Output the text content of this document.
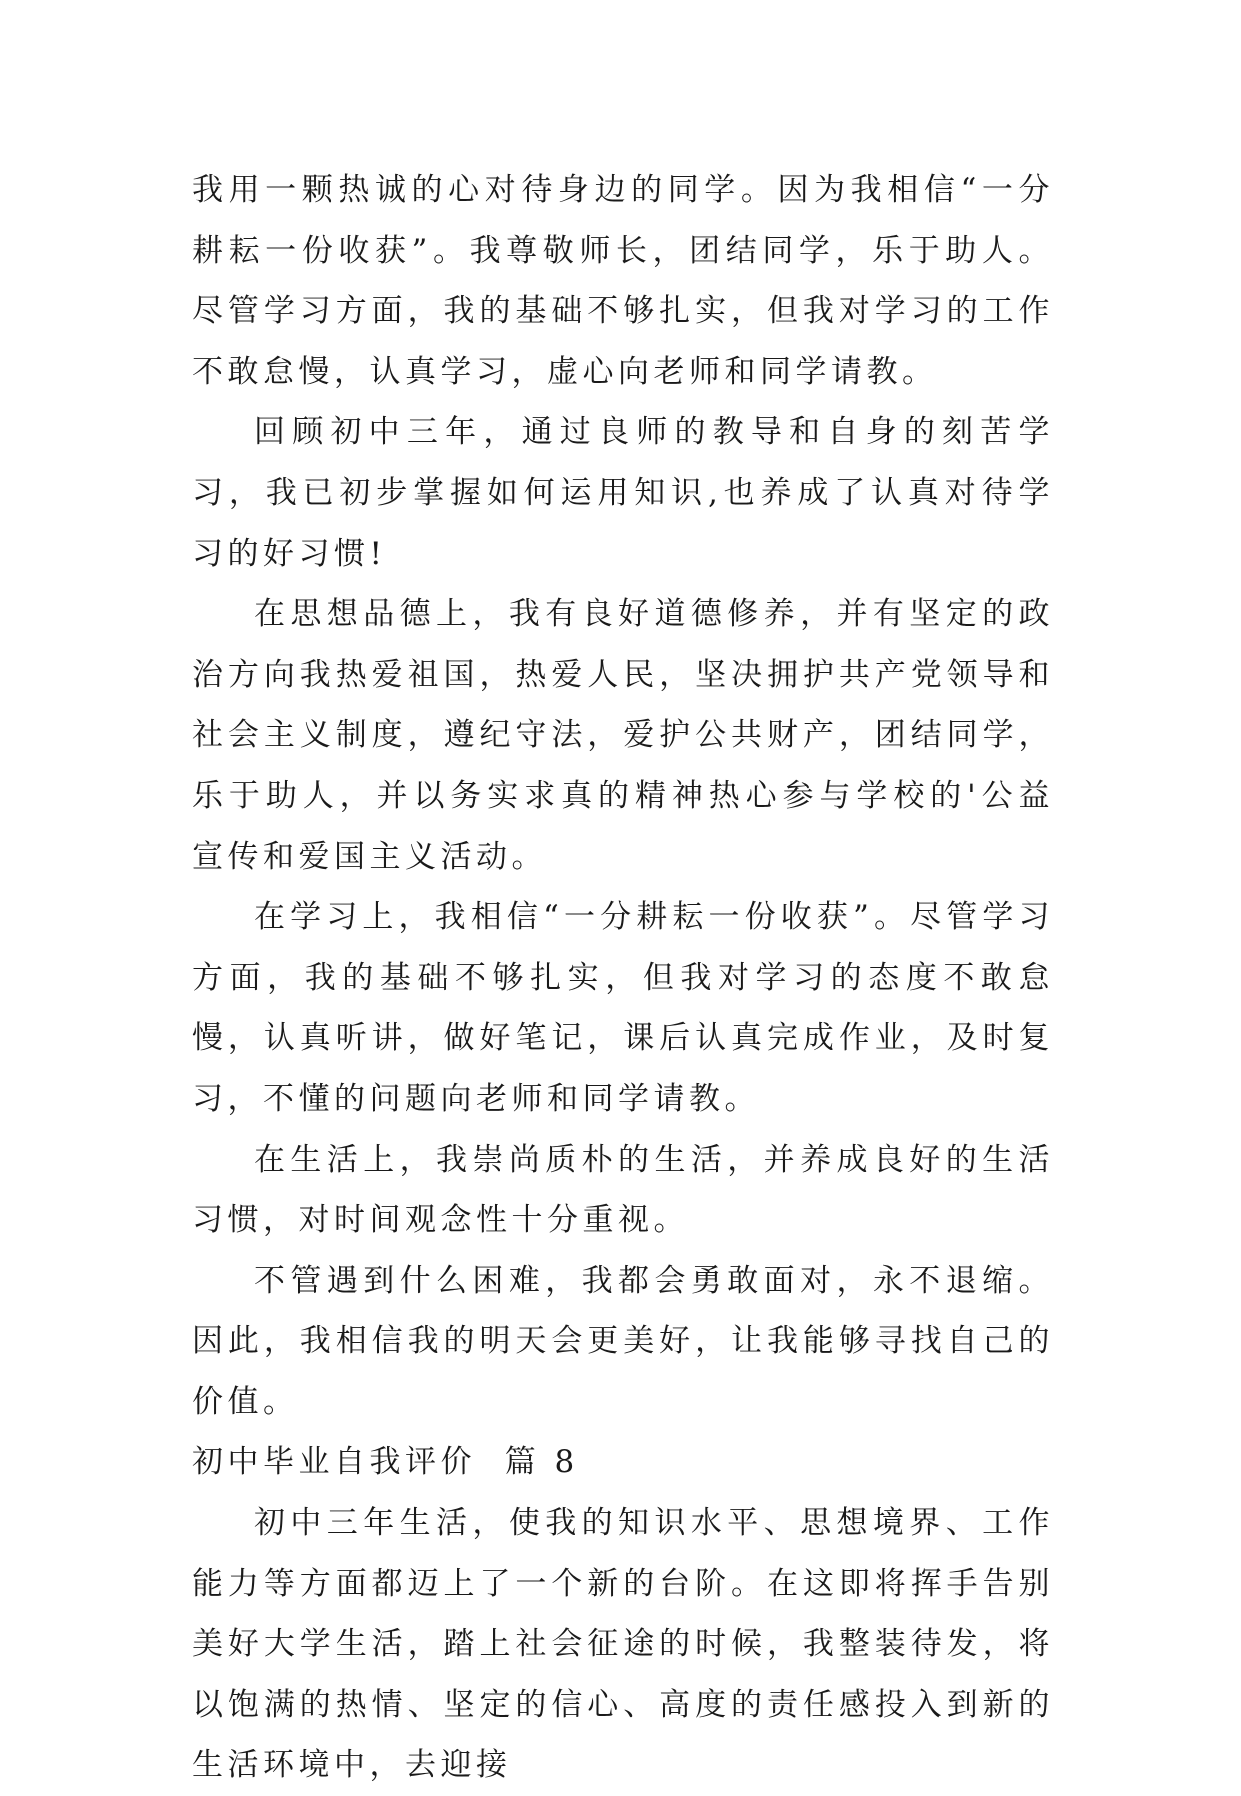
我用一颗热诚的心对待身边的同学。因为我相信“一分耕耘一份收获”。我尊敬师长，团结同学，乐于助人。尽管学习方面，我的基础不够扎实，但我对学习的工作不敢怠慢，认真学习，虚心向老师和同学请教。

回顾初中三年，通过良师的教导和自身的刻苦学习，我已初步掌握如何运用知识,也养成了认真对待学习的好习惯!

在思想品德上，我有良好道德修养，并有坚定的政治方向我热爱祖国，热爱人民，坚决拥护共产党领导和社会主义制度，遵纪守法，爱护公共财产，团结同学，乐于助人，并以务实求真的精神热心参与学校的'公益宣传和爱国主义活动。

在学习上，我相信“一分耕耘一份收获”。尽管学习方面，我的基础不够扎实，但我对学习的态度不敢怠慢，认真听讲，做好笔记，课后认真完成作业，及时复习，不懂的问题向老师和同学请教。

在生活上，我崇尚质朴的生活，并养成良好的生活习惯，对时间观念性十分重视。

不管遇到什么困难，我都会勇敢面对，永不退缩。因此，我相信我的明天会更美好，让我能够寻找自己的价值。

初中毕业自我评价  篇 8

初中三年生活，使我的知识水平、思想境界、工作能力等方面都迈上了一个新的台阶。在这即将挥手告别美好大学生活，踏上社会征途的时候，我整装待发，将以饱满的热情、坚定的信心、高度的责任感投入到新的生活环境中，去迎接
